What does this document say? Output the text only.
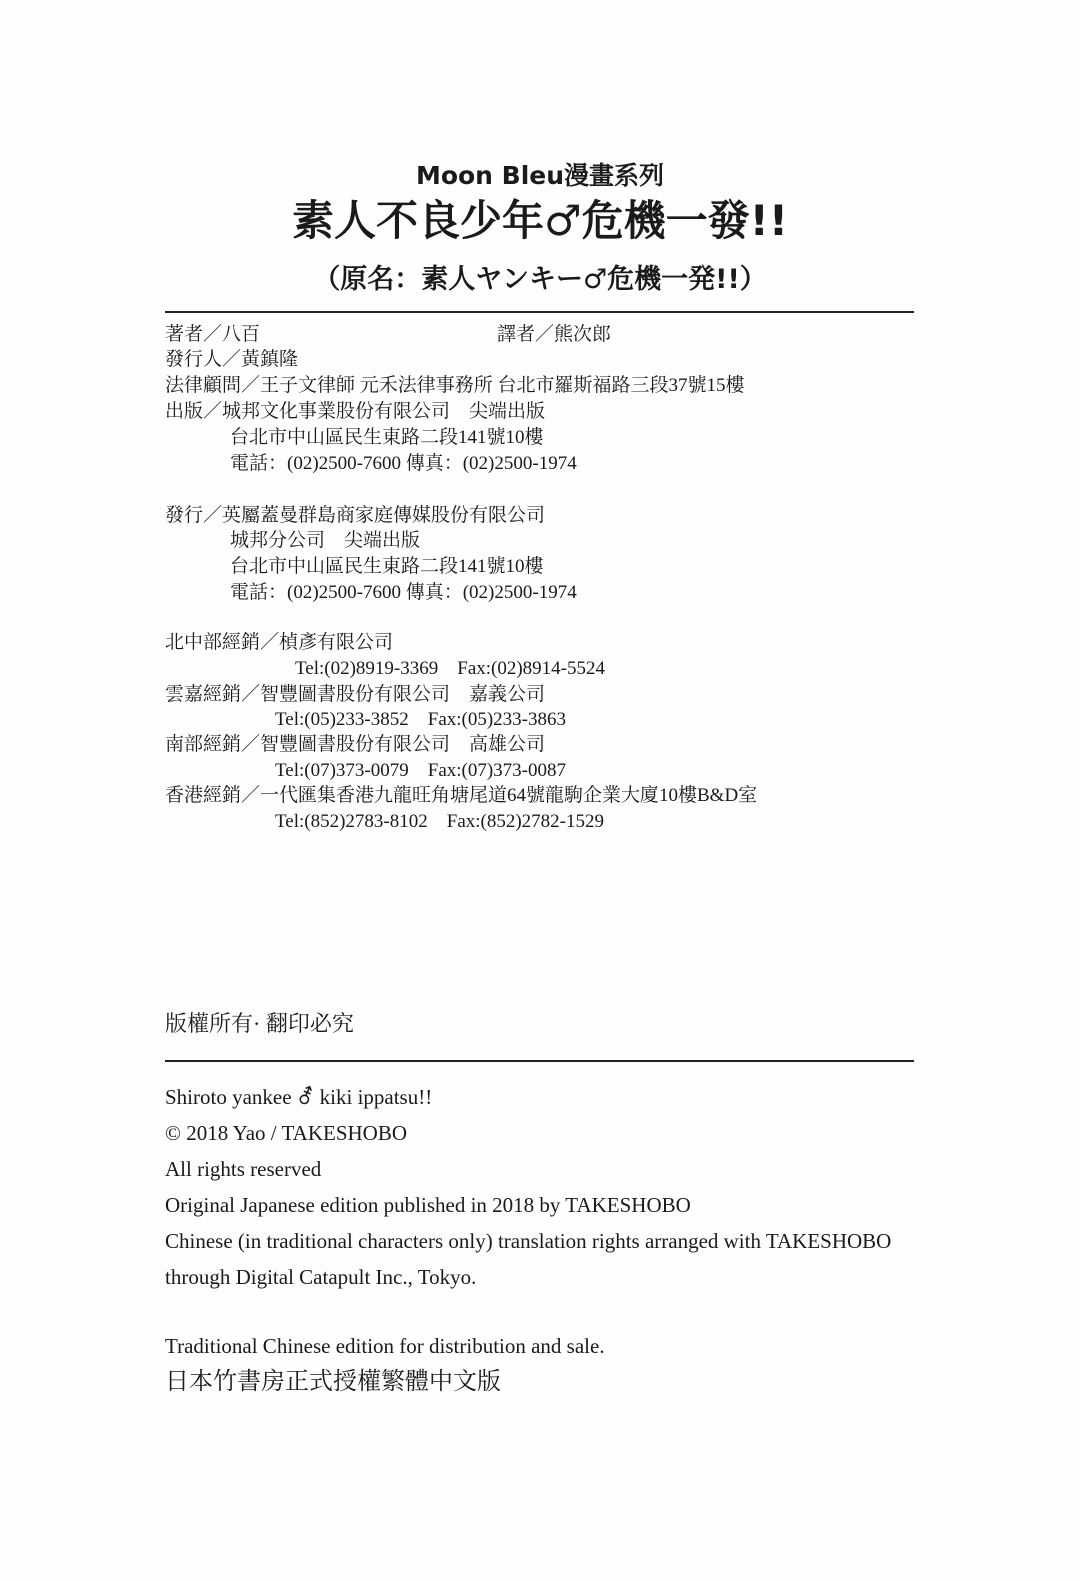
Moon Bleu漫畫系列
素人不良少年♂危機一發!!
（原名：素人ヤンキー♂危機一発!!）
著者／八百	譯者／熊次郎
發行人／黃鎮隆
法律顧問／王子文律師 元禾法律事務所 台北市羅斯福路三段37號15樓
出版／城邦文化事業股份有限公司　尖端出版
台北市中山區民生東路二段141號10樓
電話：(02)2500-7600 傳真：(02)2500-1974
發行／英屬蓋曼群島商家庭傳媒股份有限公司
城邦分公司　尖端出版
台北市中山區民生東路二段141號10樓
電話：(02)2500-7600 傳真：(02)2500-1974
北中部經銷／楨彥有限公司
Tel:(02)8919-3369　Fax:(02)8914-5524
雲嘉經銷／智豐圖書股份有限公司　嘉義公司
Tel:(05)233-3852　Fax:(05)233-3863
南部經銷／智豐圖書股份有限公司　高雄公司
Tel:(07)373-0079　Fax:(07)373-0087
香港經銷／一代匯集香港九龍旺角塘尾道64號龍駒企業大廈10樓B&D室
Tel:(852)2783-8102　Fax:(852)2782-1529
版權所有· 翻印必究
Shiroto yankee ⚦ kiki ippatsu!!
© 2018 Yao / TAKESHOBO
All rights reserved
Original Japanese edition published in 2018 by TAKESHOBO
Chinese (in traditional characters only) translation rights arranged with TAKESHOBO
through Digital Catapult Inc., Tokyo.
Traditional Chinese edition for distribution and sale.
日本竹書房正式授權繁體中文版
